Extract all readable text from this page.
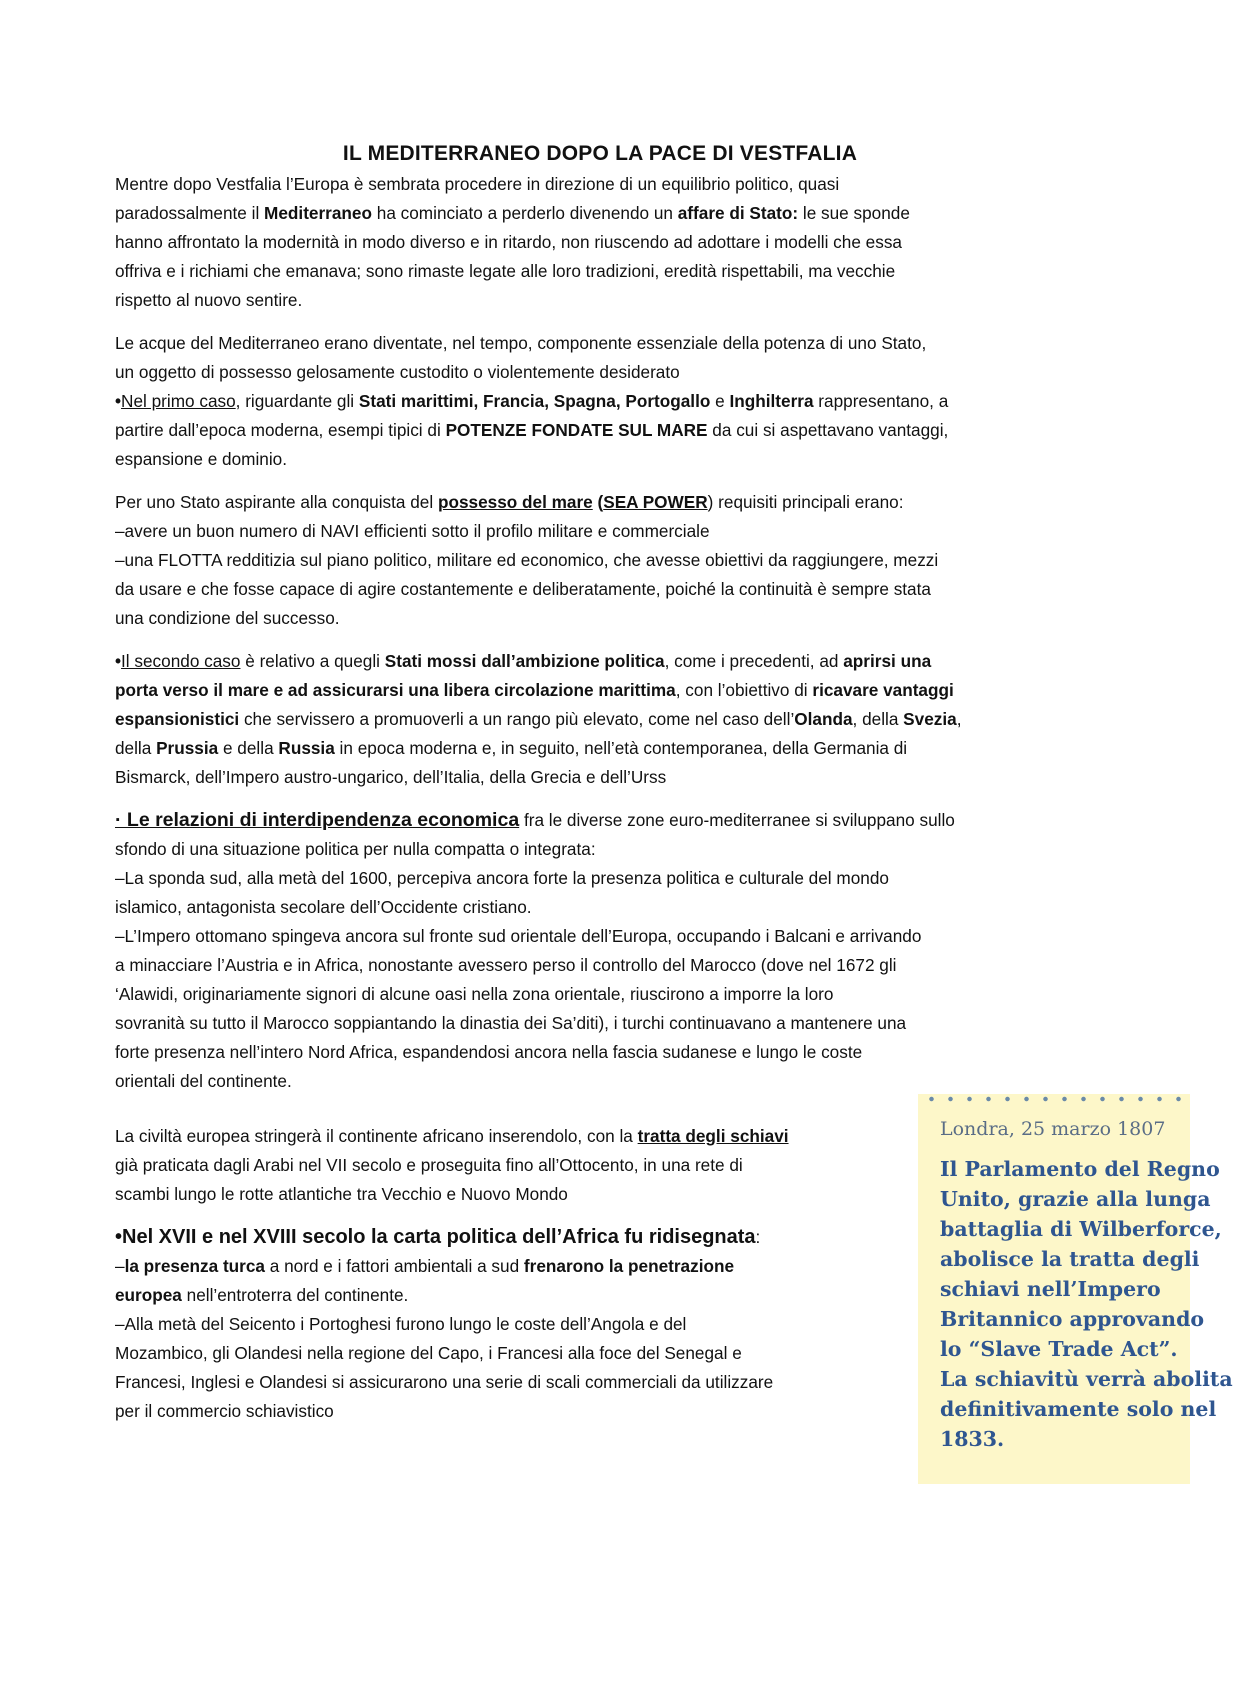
IL MEDITERRANEO DOPO LA PACE DI VESTFALIA
Mentre dopo Vestfalia l’Europa è sembrata procedere in direzione di un equilibrio politico, quasi
paradossalmente il Mediterraneo ha cominciato a perderlo divenendo un affare di Stato: le sue sponde
hanno affrontato la modernità in modo diverso e in ritardo, non riuscendo ad adottare i modelli che essa
offriva e i richiami che emanava; sono rimaste legate alle loro tradizioni, eredità rispettabili, ma vecchie
rispetto al nuovo sentire.
Le acque del Mediterraneo erano diventate, nel tempo, componente essenziale della potenza di uno Stato,
un oggetto di possesso gelosamente custodito o violentemente desiderato
•Nel primo caso, riguardante gli Stati marittimi, Francia, Spagna, Portogallo e Inghilterra rappresentano, a
partire dall’epoca moderna, esempi tipici di POTENZE FONDATE SUL MARE da cui si aspettavano vantaggi,
espansione e dominio.
Per uno Stato aspirante alla conquista del possesso del mare (SEA POWER) requisiti principali erano:
–avere un buon numero di NAVI efficienti sotto il profilo militare e commerciale
–una FLOTTA redditizia sul piano politico, militare ed economico, che avesse obiettivi da raggiungere, mezzi
da usare e che fosse capace di agire costantemente e deliberatamente, poiché la continuità è sempre stata
una condizione del successo.
•Il secondo caso è relativo a quegli Stati mossi dall’ambizione politica, come i precedenti, ad aprirsi una
porta verso il mare e ad assicurarsi una libera circolazione marittima, con l’obiettivo di ricavare vantaggi
espansionistici che servissero a promuoverli a un rango più elevato, come nel caso dell’Olanda, della Svezia,
della Prussia e della Russia in epoca moderna e, in seguito, nell’età contemporanea, della Germania di
Bismarck, dell’Impero austro-ungarico, dell’Italia, della Grecia e dell’Urss
· Le relazioni di interdipendenza economica fra le diverse zone euro-mediterranee si sviluppano sullo
sfondo di una situazione politica per nulla compatta o integrata:
–La sponda sud, alla metà del 1600, percepiva ancora forte la presenza politica e culturale del mondo
islamico, antagonista secolare dell’Occidente cristiano.
–L’Impero ottomano spingeva ancora sul fronte sud orientale dell’Europa, occupando i Balcani e arrivando
a minacciare l’Austria e in Africa, nonostante avessero perso il controllo del Marocco (dove nel 1672 gli
‘Alawidi, originariamente signori di alcune oasi nella zona orientale, riuscirono a imporre la loro
sovranità su tutto il Marocco soppiantando la dinastia dei Sa’diti), i turchi continuavano a mantenere una
forte presenza nell’intero Nord Africa, espandendosi ancora nella fascia sudanese e lungo le coste
orientali del continente.
La civiltà europea stringerà il continente africano inserendolo, con la tratta degli schiavi
già praticata dagli Arabi nel VII secolo e proseguita fino all’Ottocento, in una rete di
scambi lungo le rotte atlantiche tra Vecchio e Nuovo Mondo
•Nel XVII e nel XVIII secolo la carta politica dell’Africa fu ridisegnata:
–la presenza turca a nord e i fattori ambientali a sud frenarono la penetrazione
europea nell’entroterra del continente.
–Alla metà del Seicento i Portoghesi furono lungo le coste dell’Angola e del
Mozambico, gli Olandesi nella regione del Capo, i Francesi alla foce del Senegal e
Francesi, Inglesi e Olandesi si assicurarono una serie di scali commerciali da utilizzare
per il commercio schiavistico
Londra, 25 marzo 1807
Il Parlamento del Regno
Unito, grazie alla lunga
battaglia di Wilberforce,
abolisce la tratta degli
schiavi nell’Impero
Britannico approvando
lo “Slave Trade Act”.
La schiavitù verrà abolita
definitivamente solo nel
1833.
